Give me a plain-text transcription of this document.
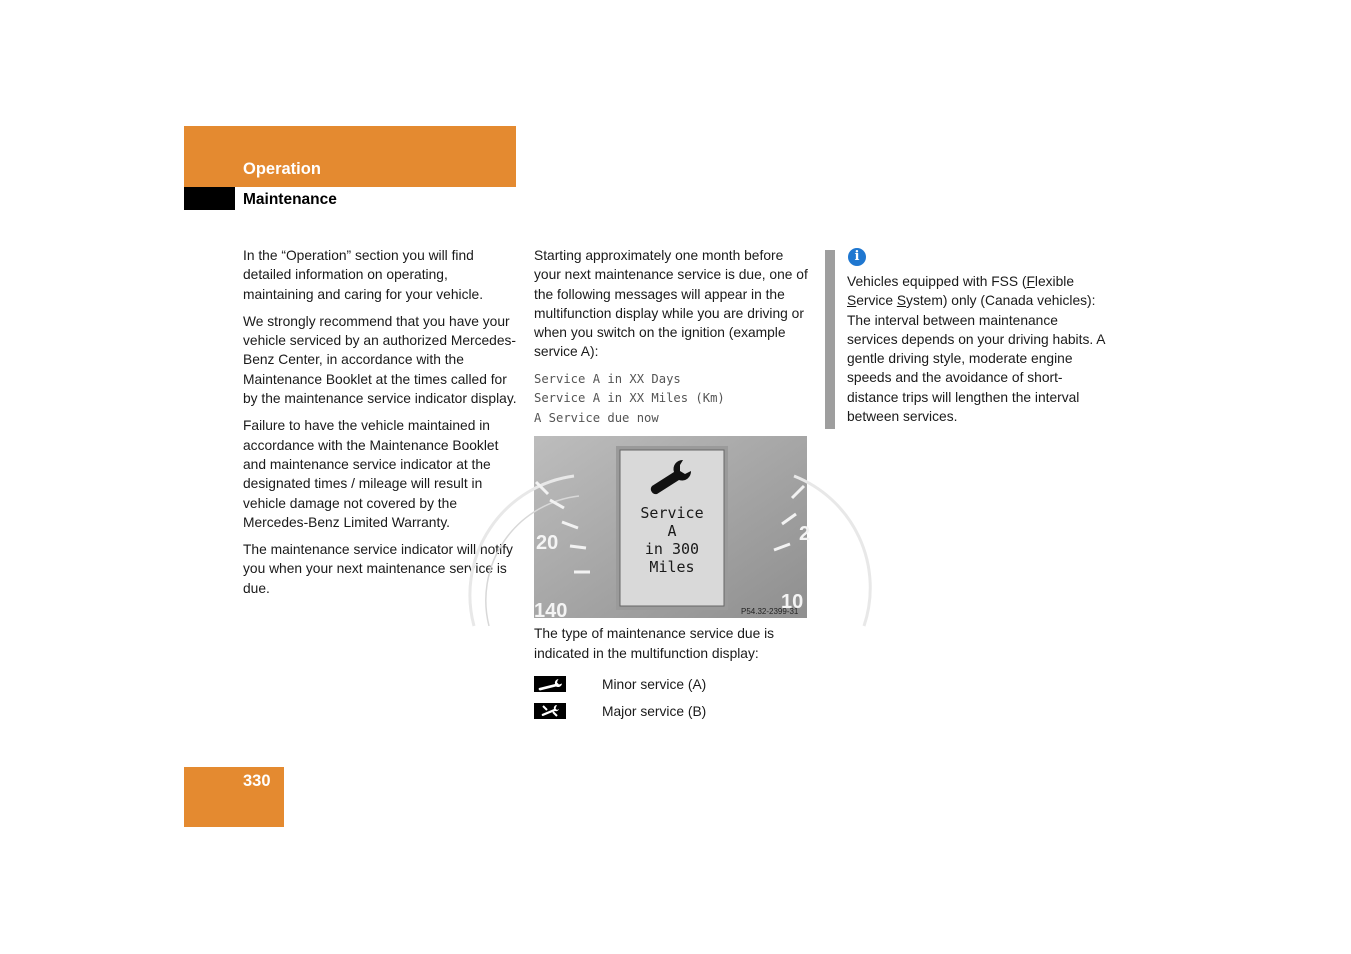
Operation
Maintenance

In the “Operation” section you will find detailed information on operating, maintaining and caring for your vehicle.

We strongly recommend that you have your vehicle serviced by an authorized Mercedes-Benz Center, in accordance with the Maintenance Booklet at the times called for by the maintenance service indicator display.

Failure to have the vehicle maintained in accordance with the Maintenance Booklet and maintenance service indicator at the designated times / mileage will result in vehicle damage not covered by the Mercedes-Benz Limited Warranty.

The maintenance service indicator will notify you when your next maintenance service is due.

Starting approximately one month before your next maintenance service is due, one of the following messages will appear in the multifunction display while you are driving or when you switch on the ignition (example service A):

Service A in XX Days
Service A in XX Miles (Km)
A Service due now
Service
A
in 300
Miles
20
140
2
10
P54.32-2399-31

The type of maintenance service due is indicated in the multifunction display:

Minor service (A)
Major service (B)
i

Vehicles equipped with FSS (Flexible Service System) only (Canada vehicles): The interval between maintenance services depends on your driving habits. A gentle driving style, moderate engine speeds and the avoidance of short-distance trips will lengthen the interval between services.

330
